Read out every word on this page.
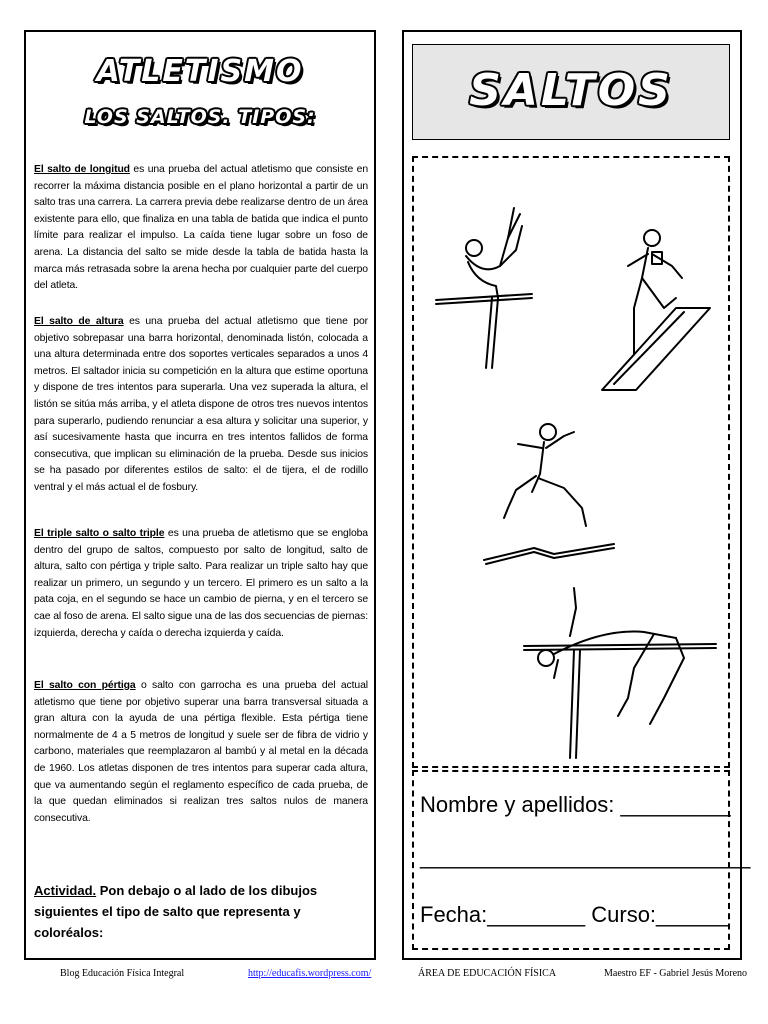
ATLETISMO
LOS SALTOS. TIPOS:

El salto de longitud es una prueba del actual atletismo que consiste en recorrer la máxima distancia posible en el plano horizontal a partir de un salto tras una carrera. La carrera previa debe realizarse dentro de un área existente para ello, que finaliza en una tabla de batida que indica el punto límite para realizar el impulso. La caída tiene lugar sobre un foso de arena. La distancia del salto se mide desde la tabla de batida hasta la marca más retrasada sobre la arena hecha por cualquier parte del cuerpo del atleta.

El salto de altura es una prueba del actual atletismo que tiene por objetivo sobrepasar una barra horizontal, denominada listón, colocada a una altura determinada entre dos soportes verticales separados a unos 4 metros. El saltador inicia su competición en la altura que estime oportuna y dispone de tres intentos para superarla. Una vez superada la altura, el listón se sitúa más arriba, y el atleta dispone de otros tres nuevos intentos para superarlo, pudiendo renunciar a esa altura y solicitar una superior, y así sucesivamente hasta que incurra en tres intentos fallidos de forma consecutiva, que implican su eliminación de la prueba. Desde sus inicios se ha pasado por diferentes estilos de salto: el de tijera, el de rodillo ventral y el más actual el de fosbury.

El triple salto o salto triple es una prueba de atletismo que se engloba dentro del grupo de saltos, compuesto por salto de longitud, salto de altura, salto con pértiga y triple salto. Para realizar un triple salto hay que realizar un primero, un segundo y un tercero. El primero es un salto a la pata coja, en el segundo se hace un cambio de pierna, y en el tercero se cae al foso de arena. El salto sigue una de las dos secuencias de piernas: izquierda, derecha y caída o derecha izquierda y caída.

El salto con pértiga o salto con garrocha es una prueba del actual atletismo que tiene por objetivo superar una barra transversal situada a gran altura con la ayuda de una pértiga flexible. Esta pértiga tiene normalmente de 4 a 5 metros de longitud y suele ser de fibra de vidrio y carbono, materiales que reemplazaron al bambú y al metal en la década de 1960. Los atletas disponen de tres intentos para superar cada altura, que va aumentando según el reglamento específico de cada prueba, de la que quedan eliminados si realizan tres saltos nulos de manera consecutiva.

Actividad. Pon debajo o al lado de los dibujos siguientes el tipo de salto que representa y coloréalos:
SALTOS
Nombre y apellidos: _________
___________________________
Fecha:________ Curso:______
Blog Educación Física Integral	http://educafis.wordpress.com/	ÁREA DE EDUCACIÓN FÍSICA	Maestro EF - Gabriel Jesús Moreno
